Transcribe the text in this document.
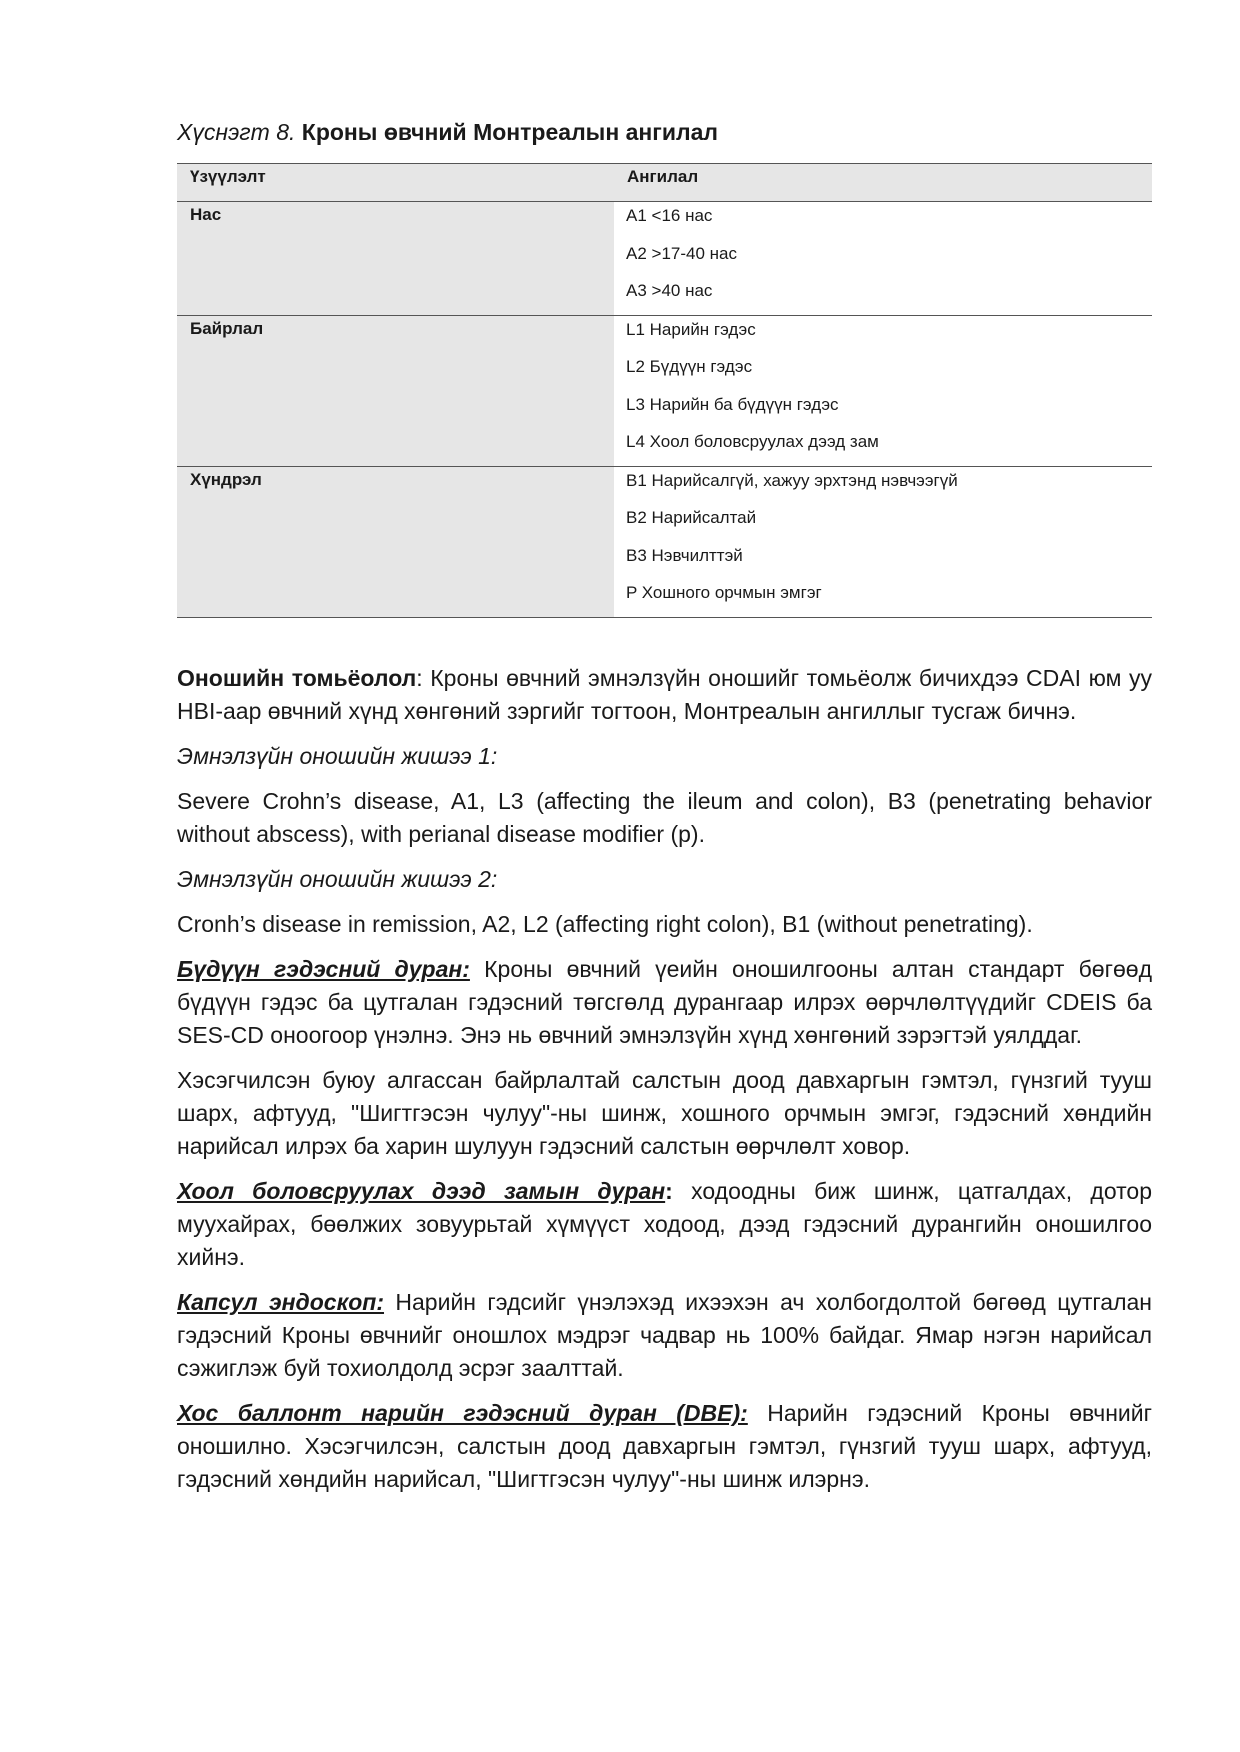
Хүснэгт 8. Кроны өвчний Монтреалын ангилал
Үзүүлэлт	Ангилал
Нас	A1 <16 нас
A2 >17-40 нас
A3 >40 нас

Байрлал	L1 Нарийн гэдэс
L2 Бүдүүн гэдэс
L3 Нарийн ба бүдүүн гэдэс
L4 Хоол боловсруулах дээд зам

Хүндрэл	B1 Нарийсалгүй, хажуу эрхтэнд нэвчээгүй
B2 Нарийсалтай
B3 Нэвчилттэй
P Хошного орчмын эмгэг

Оношийн томьёолол: Кроны өвчний эмнэлзүйн оношийг томьёолж бичихдээ CDAI юм уу HBI-аар өвчний хүнд хөнгөний зэргийг тогтоон, Монтреалын ангиллыг тусгаж бичнэ.

Эмнэлзүйн оношийн жишээ 1:

Severe Crohn’s disease, A1, L3 (affecting the ileum and colon), B3 (penetrating behavior without abscess), with perianal disease modifier (p).

Эмнэлзүйн оношийн жишээ 2:

Cronh’s disease in remission, A2, L2 (affecting right colon), B1 (without penetrating).

Бүдүүн гэдэсний дуран: Кроны өвчний үеийн оношилгооны алтан стандарт бөгөөд бүдүүн гэдэс ба цутгалан гэдэсний төгсгөлд дурангаар илрэх өөрчлөлтүүдийг CDEIS ба SES-CD оноогоор үнэлнэ. Энэ нь өвчний эмнэлзүйн хүнд хөнгөний зэрэгтэй уялддаг.

Хэсэгчилсэн буюу алгассан байрлалтай салстын доод давхаргын гэмтэл, гүнзгий тууш шарх, афтууд, "Шигтгэсэн чулуу"-ны шинж, хошного орчмын эмгэг, гэдэсний хөндийн нарийсал илрэх ба харин шулуун гэдэсний салстын өөрчлөлт ховор.

Хоол боловсруулах дээд замын дуран: ходоодны биж шинж, цатгалдах, дотор муухайрах, бөөлжих зовуурьтай хүмүүст ходоод, дээд гэдэсний дурангийн оношилгоо хийнэ.

Капсул эндоскоп: Нарийн гэдсийг үнэлэхэд ихээхэн ач холбогдолтой бөгөөд цутгалан гэдэсний Кроны өвчнийг оношлох мэдрэг чадвар нь 100% байдаг. Ямар нэгэн нарийсал сэжиглэж буй тохиолдолд эсрэг заалттай.

Хос баллонт нарийн гэдэсний дуран (DBE): Нарийн гэдэсний Кроны өвчнийг оношилно. Хэсэгчилсэн, салстын доод давхаргын гэмтэл, гүнзгий тууш шарх, афтууд, гэдэсний хөндийн нарийсал, "Шигтгэсэн чулуу"-ны шинж илэрнэ.
